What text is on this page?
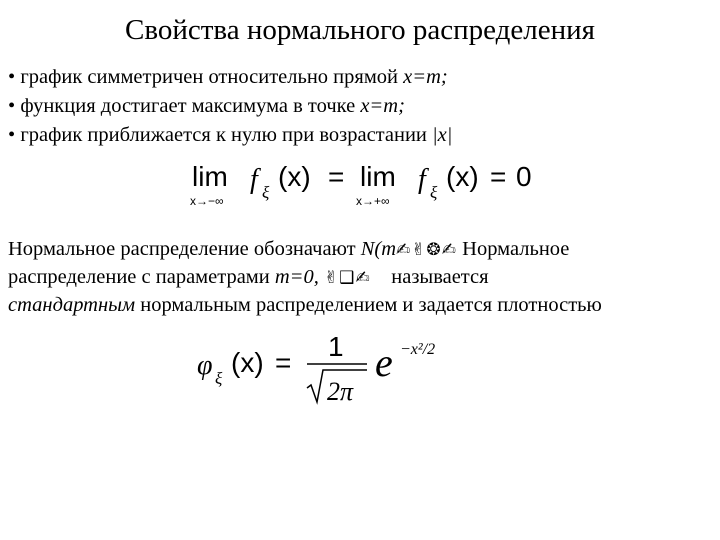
Свойства нормального распределения
• график симметричен относительно прямой x=m;
• функция достигает максимума в точке x=m;
• график приближается к нулю при возрастании |x|
lim
x→−∞
f ξ
(x) = lim
x→+∞
f ξ
(x) = 0
Нормальное распределение обозначают N(m✍✌❂✍ Нормальное
распределение с параметрами m=0, ✌❑✍ называется
стандартным нормальным распределением и задается плотностью
φ ξ
(x) =
1
2π
e −x²/2
